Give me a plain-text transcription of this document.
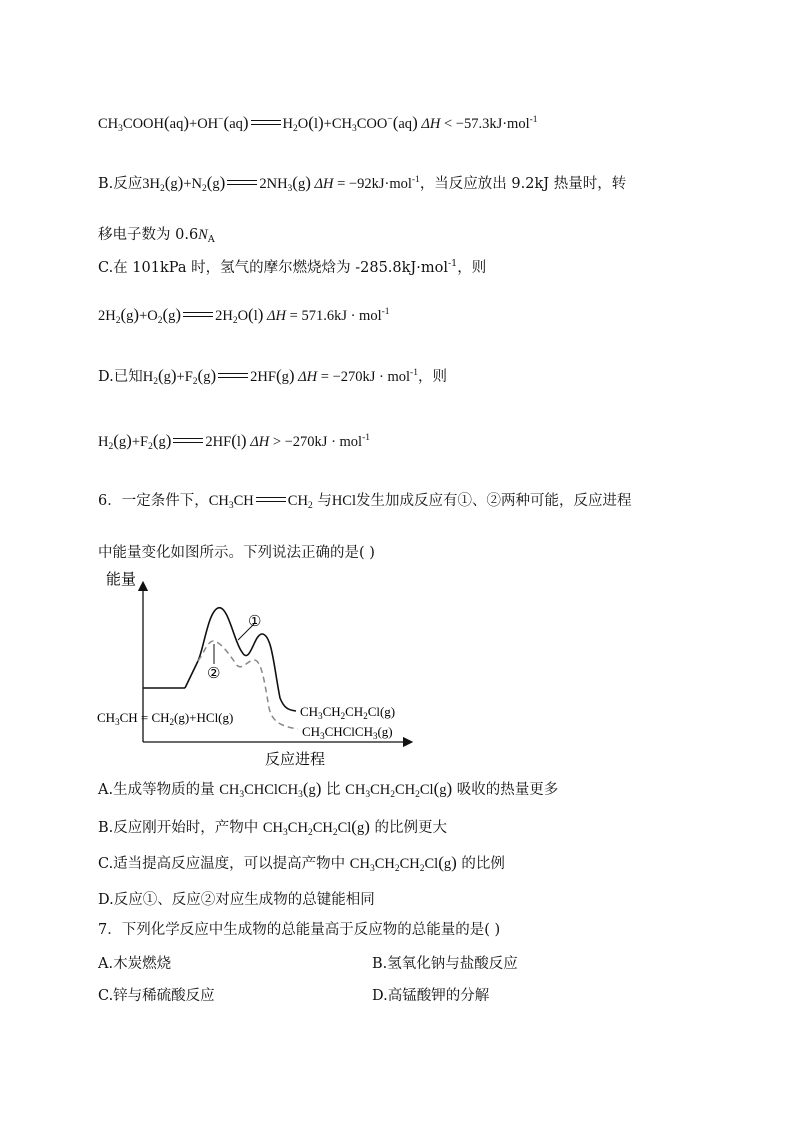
$CH_3COOH(aq)+OH^-(aq)$ $H_2O(l)+CH_3COO^-(aq) \Delta H < -57.3kJ\cdot mol^{-1}$
B.反应$3H_2(g)+N_2(g)$ $2NH_3(g) \Delta H = -92kJ\cdot mol^{-1}$，当反应放出 9.2kJ 热量时，转
移电子数为 $0.6N_A$
C.在 101kPa 时，氢气的摩尔燃烧焓为 -285.8kJ·mol$^{-1}$，则
$2H_2(g)+O_2(g)$ $2H_2O(l) \Delta H = 571.6kJ \cdot mol^{-1}$
D.已知$H_2(g)+F_2(g)$ 2HF(g) ΔH = −270kJ · mol$^{-1}$，则
$H_2(g)+F_2(g)$ 2HF(l) ΔH > −270kJ · mol$^{-1}$
6．一定条件下，$CH_3CH$ $CH_2$ 与HCl发生加成反应有①、②两种可能，反应进程
中能量变化如图所示。下列说法正确的是( )
能量
反应进程
①
②
$CH_3CH = CH_2(g)+HCl(g)$	$CH_3CH_2CH_2Cl(g)$
$CH_3CHClCH_3(g)$
A.生成等物质的量 $CH_3CHClCH_3(g)$ 比 $CH_3CH_2CH_2Cl(g)$ 吸收的热量更多
B.反应刚开始时，产物中 $CH_3CH_2CH_2Cl(g)$ 的比例更大
C.适当提高反应温度，可以提高产物中 $CH_3CH_2CH_2Cl(g)$ 的比例
D.反应①、反应②对应生成物的总键能相同
7．下列化学反应中生成物的总能量高于反应物的总能量的是( )
A.木炭燃烧	B.氢氧化钠与盐酸反应
C.锌与稀硫酸反应	D.高锰酸钾的分解
